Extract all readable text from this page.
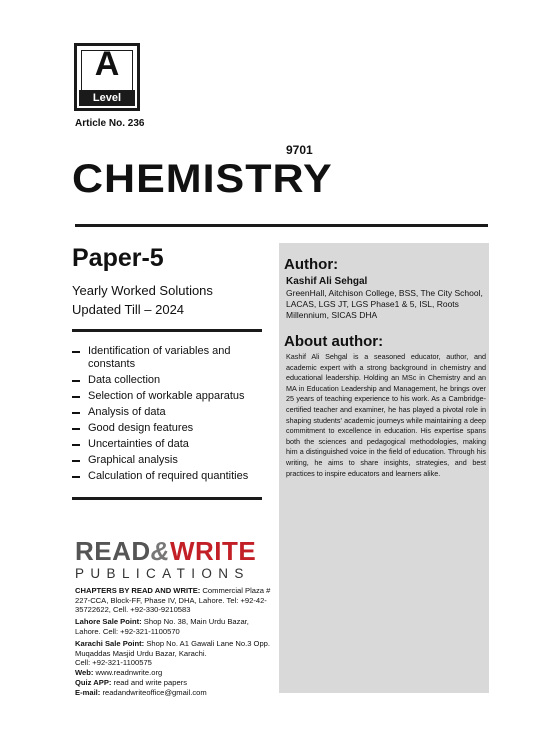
A
Level
Article No. 236
9701
CHEMISTRY
Paper-5
Yearly Worked Solutions
Updated Till – 2024
Identification of variables and constants
Data collection
Selection of workable apparatus
Analysis of data
Good design features
Uncertainties of data
Graphical analysis
Calculation of required quantities
Author:
Kashif Ali Sehgal
GreenHall, Aitchison College, BSS, The City School, LACAS, LGS JT, LGS Phase1 & 5, ISL, Roots Millennium, SICAS DHA
About author:
Kashif Ali Sehgal is a seasoned educator, author, and academic expert with a strong background in chemistry and educational leadership. Holding an MSc in Chemistry and an MA in Education Leadership and Management, he brings over 25 years of teaching experience to his work. As a Cambridge-certified teacher and examiner, he has played a pivotal role in shaping students' academic journeys while maintaining a deep commitment to excellence in education. His expertise spans both the sciences and pedagogical methodologies, making him a distinguished voice in the field of education. Through his writing, he aims to share insights, strategies, and best practices to inspire educators and learners alike.
READ&WRITE
PUBLICATIONS
CHAPTERS BY READ AND WRITE: Commercial Plaza # 227-CCA, Block-FF, Phase IV, DHA, Lahore. Tel: +92-42-35722622, Cell. +92-330-9210583
Lahore Sale Point: Shop No. 38, Main Urdu Bazar, Lahore. Cell: +92-321-1100570
Karachi Sale Point: Shop No. A1 Gawali Lane No.3 Opp. Muqaddas Masjid Urdu Bazar, Karachi.
Cell: +92-321-1100575
Web: www.readnwrite.org
Quiz APP: read and write papers
E-mail: readandwriteoffice@gmail.com
